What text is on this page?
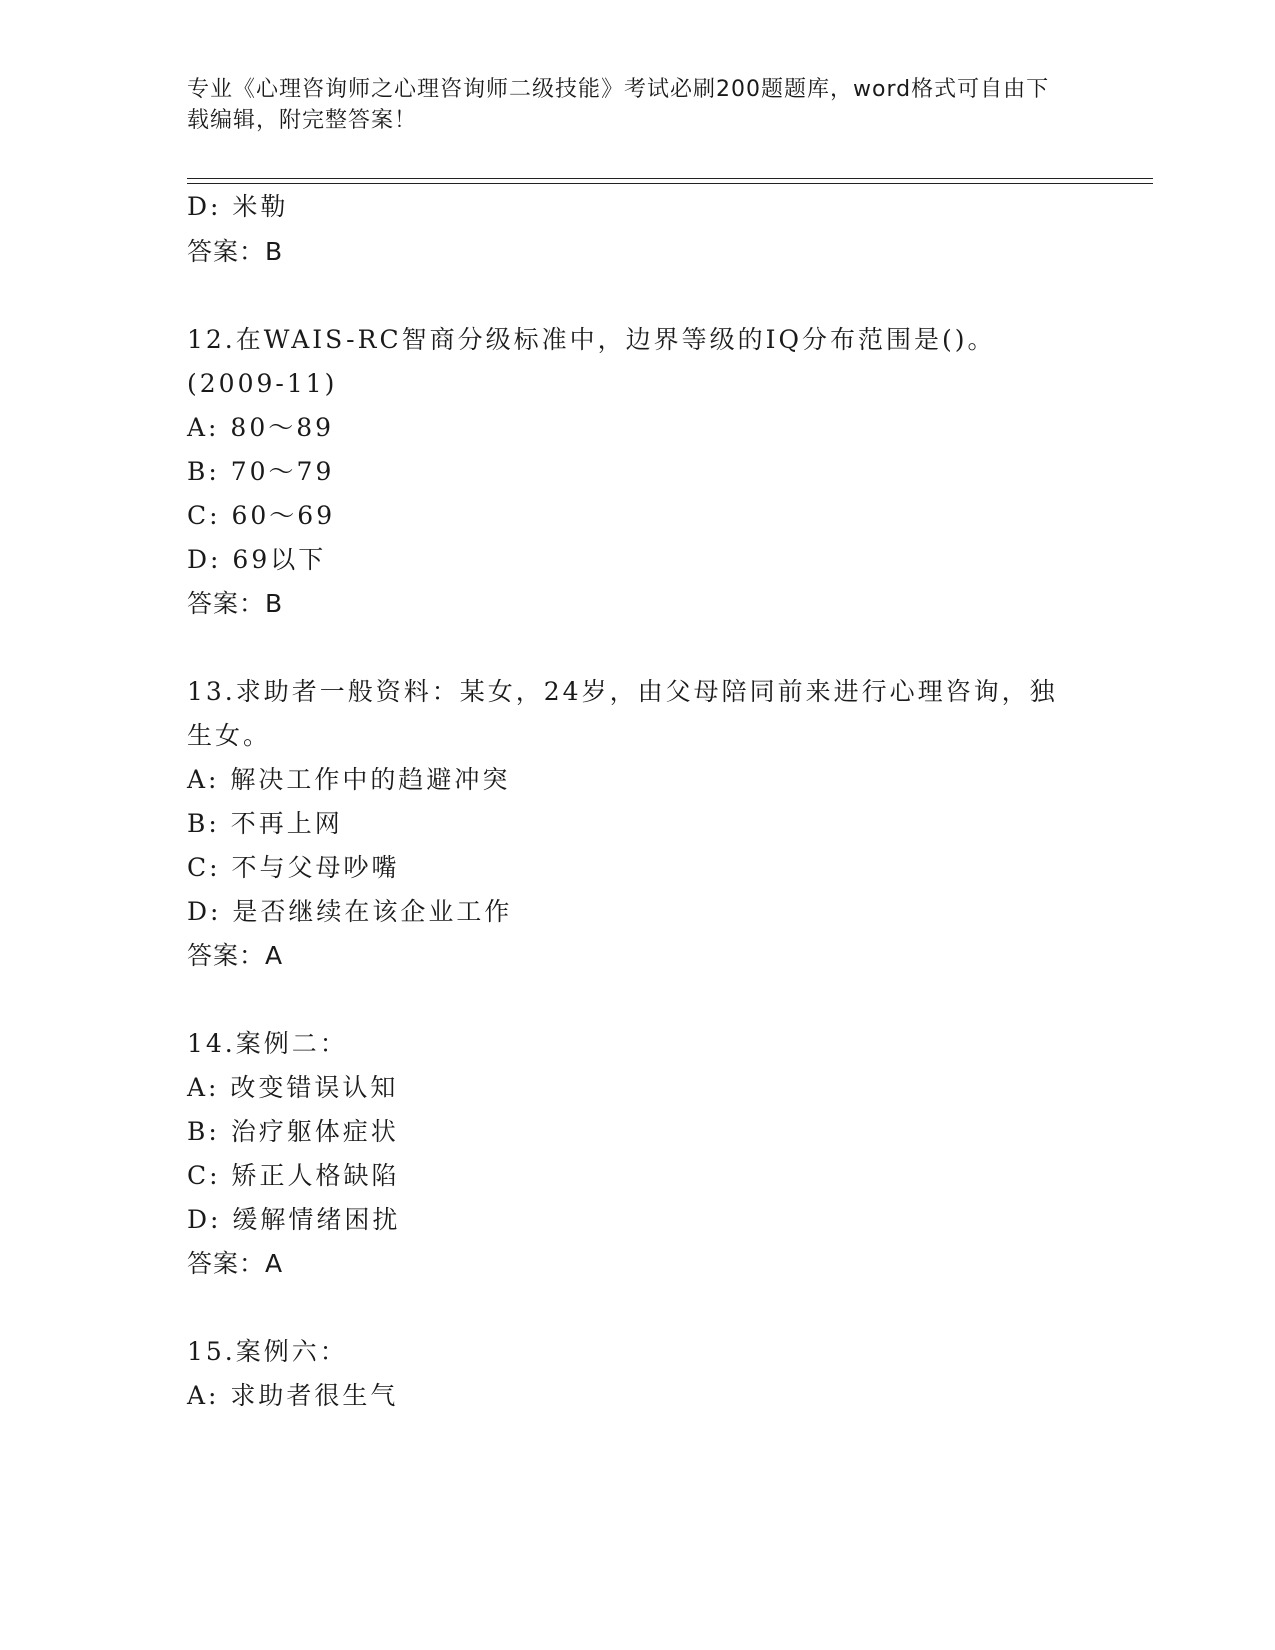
专业《心理咨询师之心理咨询师二级技能》考试必刷200题题库，word格式可自由下载编辑，附完整答案！
D: 米勒
答案：B
12.在WAIS-RC智商分级标准中，边界等级的IQ分布范围是()。
(2009-11)
A: 80～89
B: 70～79
C: 60～69
D: 69以下
答案：B
13.求助者一般资料：某女，24岁，由父母陪同前来进行心理咨询，独
生女。
A: 解决工作中的趋避冲突
B: 不再上网
C: 不与父母吵嘴
D: 是否继续在该企业工作
答案：A
14.案例二：
A: 改变错误认知
B: 治疗躯体症状
C: 矫正人格缺陷
D: 缓解情绪困扰
答案：A
15.案例六：
A: 求助者很生气
